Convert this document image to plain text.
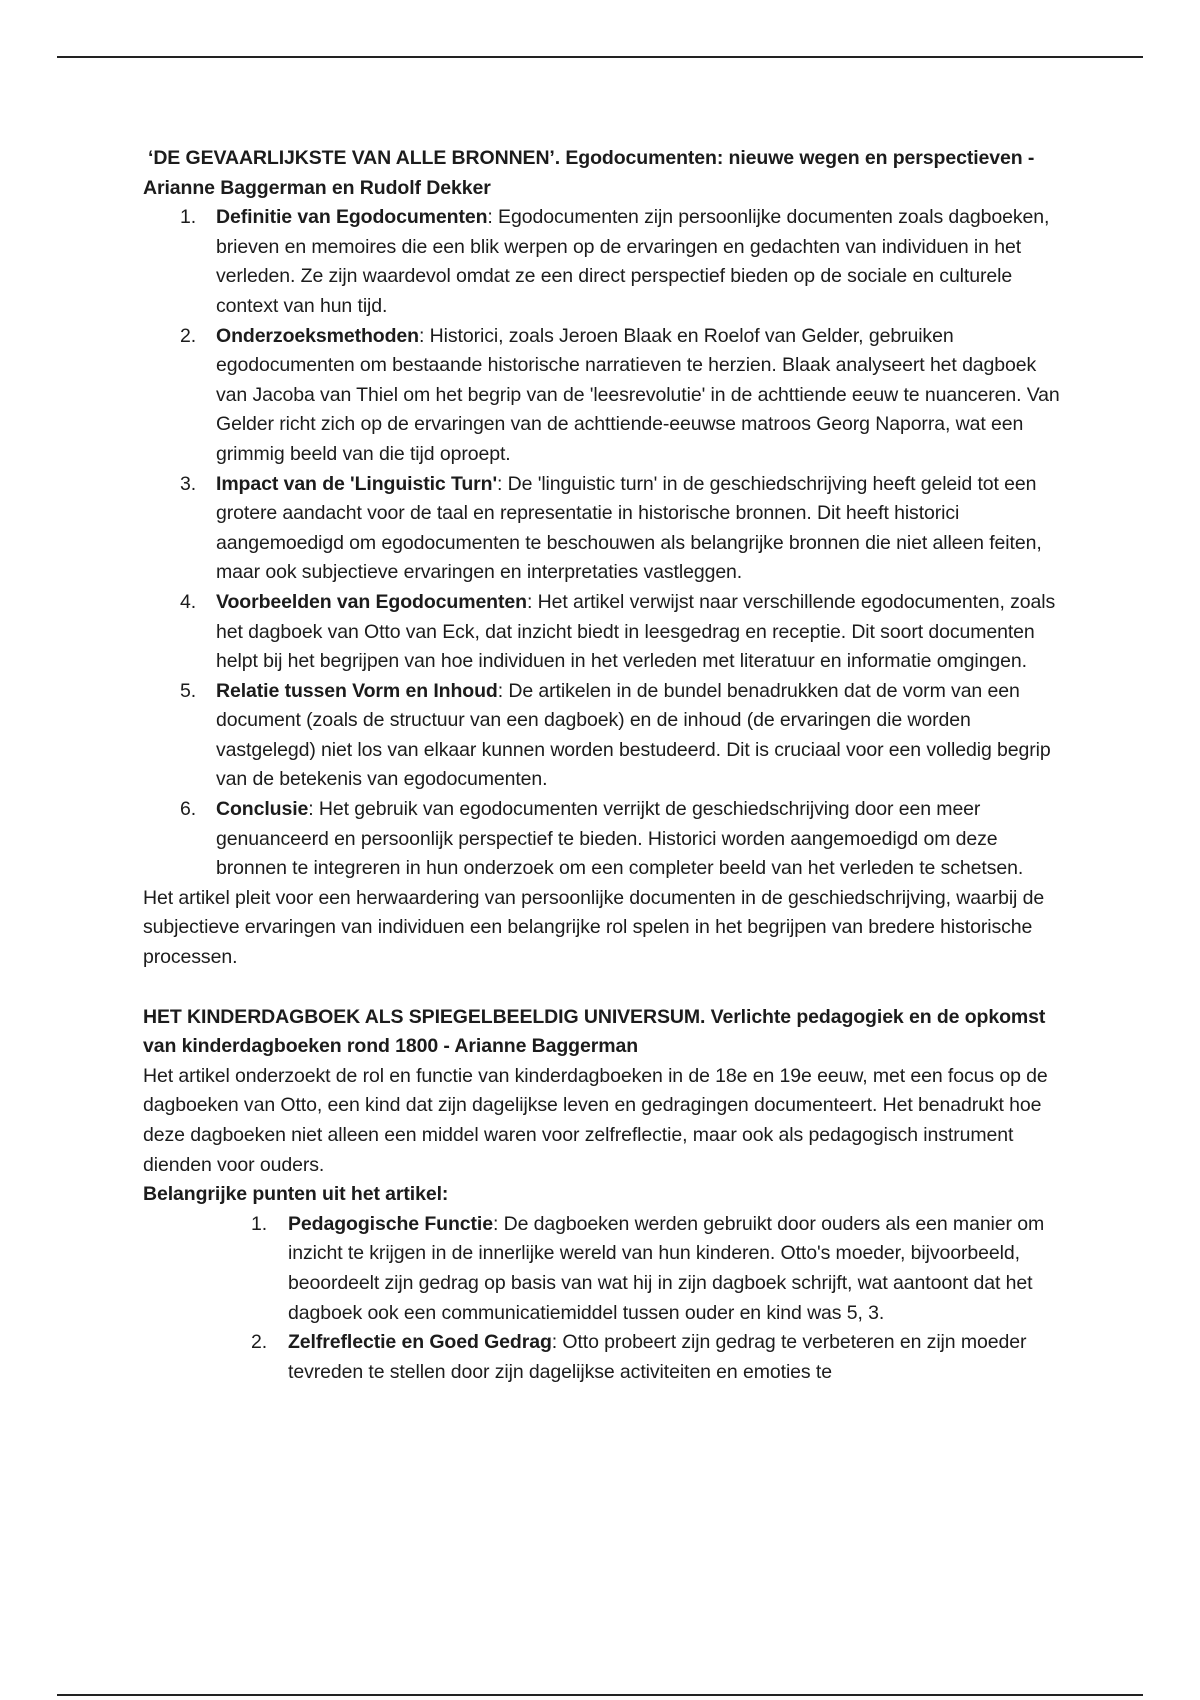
‘DE GEVAARLIJKSTE VAN ALLE BRONNEN’. Egodocumenten: nieuwe wegen en perspectieven - Arianne Baggerman en Rudolf Dekker

1. Definitie van Egodocumenten: Egodocumenten zijn persoonlijke documenten zoals dagboeken, brieven en memoires die een blik werpen op de ervaringen en gedachten van individuen in het verleden. Ze zijn waardevol omdat ze een direct perspectief bieden op de sociale en culturele context van hun tijd.
2. Onderzoeksmethoden: Historici, zoals Jeroen Blaak en Roelof van Gelder, gebruiken egodocumenten om bestaande historische narratieven te herzien. Blaak analyseert het dagboek van Jacoba van Thiel om het begrip van de 'leesrevolutie' in de achttiende eeuw te nuanceren. Van Gelder richt zich op de ervaringen van de achttiende-eeuwse matroos Georg Naporra, wat een grimmig beeld van die tijd oproept.
3. Impact van de 'Linguistic Turn': De 'linguistic turn' in de geschiedschrijving heeft geleid tot een grotere aandacht voor de taal en representatie in historische bronnen. Dit heeft historici aangemoedigd om egodocumenten te beschouwen als belangrijke bronnen die niet alleen feiten, maar ook subjectieve ervaringen en interpretaties vastleggen.
4. Voorbeelden van Egodocumenten: Het artikel verwijst naar verschillende egodocumenten, zoals het dagboek van Otto van Eck, dat inzicht biedt in leesgedrag en receptie. Dit soort documenten helpt bij het begrijpen van hoe individuen in het verleden met literatuur en informatie omgingen.
5. Relatie tussen Vorm en Inhoud: De artikelen in de bundel benadrukken dat de vorm van een document (zoals de structuur van een dagboek) en de inhoud (de ervaringen die worden vastgelegd) niet los van elkaar kunnen worden bestudeerd. Dit is cruciaal voor een volledig begrip van de betekenis van egodocumenten.
6. Conclusie: Het gebruik van egodocumenten verrijkt de geschiedschrijving door een meer genuanceerd en persoonlijk perspectief te bieden. Historici worden aangemoedigd om deze bronnen te integreren in hun onderzoek om een completer beeld van het verleden te schetsen.

Het artikel pleit voor een herwaardering van persoonlijke documenten in de geschiedschrijving, waarbij de subjectieve ervaringen van individuen een belangrijke rol spelen in het begrijpen van bredere historische processen.

HET KINDERDAGBOEK ALS SPIEGELBEELDIG UNIVERSUM. Verlichte pedagogiek en de opkomst van kinderdagboeken rond 1800 - Arianne Baggerman

Het artikel onderzoekt de rol en functie van kinderdagboeken in de 18e en 19e eeuw, met een focus op de dagboeken van Otto, een kind dat zijn dagelijkse leven en gedragingen documenteert. Het benadrukt hoe deze dagboeken niet alleen een middel waren voor zelfreflectie, maar ook als pedagogisch instrument dienden voor ouders.

Belangrijke punten uit het artikel:

1. Pedagogische Functie: De dagboeken werden gebruikt door ouders als een manier om inzicht te krijgen in de innerlijke wereld van hun kinderen. Otto's moeder, bijvoorbeeld, beoordeelt zijn gedrag op basis van wat hij in zijn dagboek schrijft, wat aantoont dat het dagboek ook een communicatiemiddel tussen ouder en kind was 5, 3.
2. Zelfreflectie en Goed Gedrag: Otto probeert zijn gedrag te verbeteren en zijn moeder tevreden te stellen door zijn dagelijkse activiteiten en emoties te
